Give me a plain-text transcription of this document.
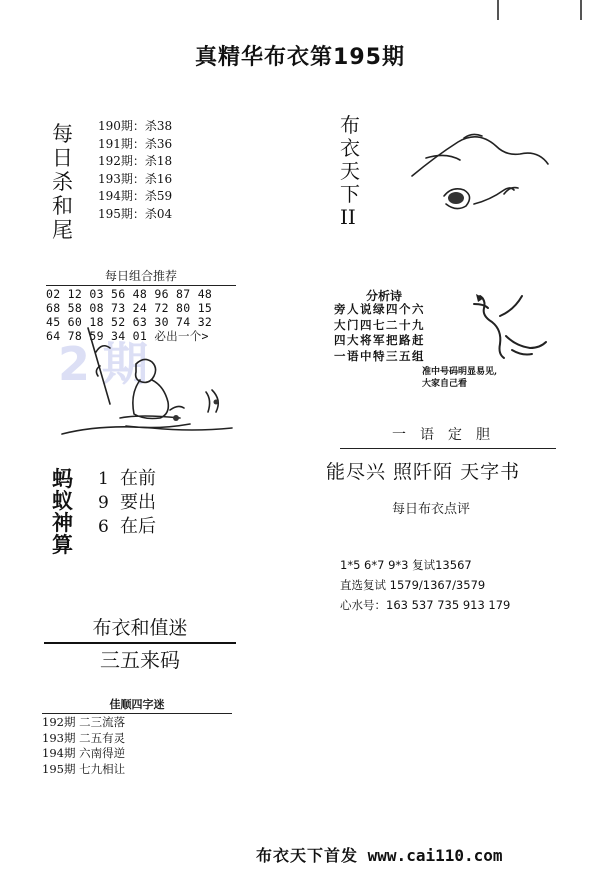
真精华布衣第195期
每日杀和尾
190期：杀38
191期：杀36
192期：杀18
193期：杀16
194期：杀59
195期：杀04
2 期
每日组合推荐
02 12 03 56 48 96 87 48
68 58 08 73 24 72 80 15
45 60 18 52 63 30 74 32
64 78 59 34 01 必出一个>
蚂蚁神算
1 在前
9 要出
6 在后
布衣和值迷
三五来码
佳顺四字迷
192期 二三流落
193期 二五有灵
194期 六南得逆
195期 七九相让
布衣天下II
分析诗
旁人说绿四个六
大门四七二十九
四大将军把路赶
一语中特三五组
准中号码明显易见,
大家自己看
一语定胆
能尽兴 照阡陌 天字书
每日布衣点评
1*5 6*7 9*3 复试13567
直选复试 1579/1367/3579
心水号：163 537 735 913 179
布衣天下首发 www.cai110.com
